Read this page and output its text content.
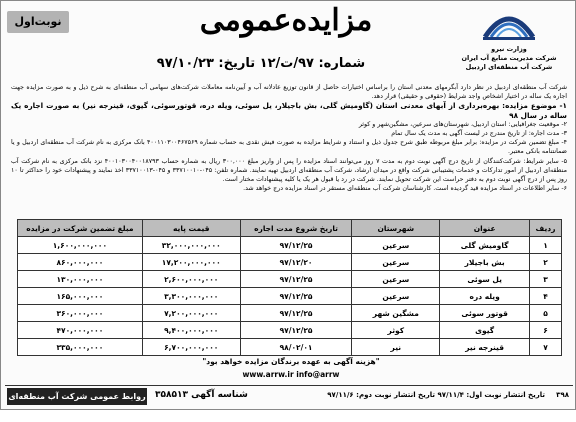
وزارت نیرو
شرکت مدیریت منابع آب ایران
شرکت آب منطقه‌ای اردبیل
مزایده‌عمومی
شماره: ۹۷/ت/۱۲ تاریخ: ۹۷/۱۰/۲۳
نوبت‌اول

شرکت آب منطقه‌ای اردبیل در نظر دارد آبگرمهای معدنی استان را براساس اختیارات حاصل از قانون توزیع عادلانه آب و آیین‌نامه معاملات شرکت‌های سهامی آب منطقه‌ای به شرح ذیل و به صورت مزایده جهت اجاره یک ساله در اختیار اشخاص واجد شرایط (حقوقی و حقیقی) قرار دهد.

۱- موضوع مزایده: بهره‌برداری از آبهای معدنی استان (گاومیش گلی، بش باجیلار، یل سوئی، ویله دره، قوتورسوئی، گیوی، قینرجه نیر) به صورت اجاره یک ساله در سال ۹۸

۲- موقعیت جغرافیایی: استان اردبیل، شهرستان‌های سرعین، مشگین‌شهر و کوثر

۳- مدت اجاره: از تاریخ مندرج در لیست آگهی به مدت یک سال تمام

۴- مبلغ تضمین شرکت در مزایده: برابر مبلغ مربوطه طبق شرح جدول ذیل و استناد و شرایط مزایده به صورت فیش نقدی به حساب شماره ۴۰۰۱۱۰۳۰۰۴۶۷۵۶۹ بانک مرکزی به نام شرکت آب منطقه‌ای اردبیل و یا ضمانتنامه بانکی معتبر.

۵- سایر شرایط: شرکت‌کنندگان از تاریخ درج آگهی نوبت دوم به مدت ۷ روز می‌توانند اسناد مزایده را پس از واریز مبلغ ۳۰۰,۰۰۰ ریال به شماره حساب ۴۰۰۱۰۳۰۰۴۰۰۱۸۷۹۳ نزد بانک مرکزی به نام شرکت آب منطقه‌ای اردبیل از امور تدارکات و خدمات پشتیبانی شرکت واقع در میدان ارشاد، شرکت آب منطقه‌ای اردبیل تهیه نمایند. شماره تلفن: ۰۴۵-۳۳۷۱۰۰۱۰ و ۰۴۵-۳۳۷۱۰۰۱۳ اخذ نمایند و پیشنهادات خود را حداکثر تا ۱۰ روز پس از درج آگهی نوبت دوم به دفتر حراست این شرکت تحویل نمایند. شرکت در رد یا قبول هر یک یا کلیه پیشنهادات مختار است.

۶- سایر اطلاعات در اسناد مزایده قید گردیده است. کارشناسان شرکت آب منطقه‌ای مستقر در اسناد مزایده درج خواهد شد.

ردیف	عنوان	شهرستان	تاریخ شروع مدت اجاره	قیمت پایه	مبلغ تضمین شرکت در مزایده
۱	گاومیش گلی	سرعین	۹۷/۱۲/۲۵	۳۲,۰۰۰,۰۰۰,۰۰۰	۱,۶۰۰,۰۰۰,۰۰۰
۲	بش باجیلار	سرعین	۹۷/۱۲/۲۰	۱۷,۲۰۰,۰۰۰,۰۰۰	۸۶۰,۰۰۰,۰۰۰
۳	یل سوئی	سرعین	۹۷/۱۲/۲۵	۲,۶۰۰,۰۰۰,۰۰۰	۱۳۰,۰۰۰,۰۰۰
۴	ویله دره	سرعین	۹۷/۱۲/۲۵	۳,۳۰۰,۰۰۰,۰۰۰	۱۶۵,۰۰۰,۰۰۰
۵	قوتور سوئی	مشگین شهر	۹۷/۱۲/۲۵	۷,۲۰۰,۰۰۰,۰۰۰	۳۶۰,۰۰۰,۰۰۰
۶	گیوی	کوثر	۹۷/۱۲/۲۵	۹,۴۰۰,۰۰۰,۰۰۰	۴۷۰,۰۰۰,۰۰۰
۷	قینرجه نیر	نیر	۹۸/۰۲/۰۱	۶,۷۰۰,۰۰۰,۰۰۰	۳۳۵,۰۰۰,۰۰۰
"هزینه آگهی به عهده برندگان مزایده خواهد بود"
www.arrw.ir info@arrw
۳۹۸
تاریخ انتشار نوبت اول: ۹۷/۱۱/۴ تاریخ انتشار نوبت دوم: ۹۷/۱۱/۶
شناسه آگهی ۳۵۸۵۱۳
روابط عمومی شرکت آب منطقه‌ای اردبیل
